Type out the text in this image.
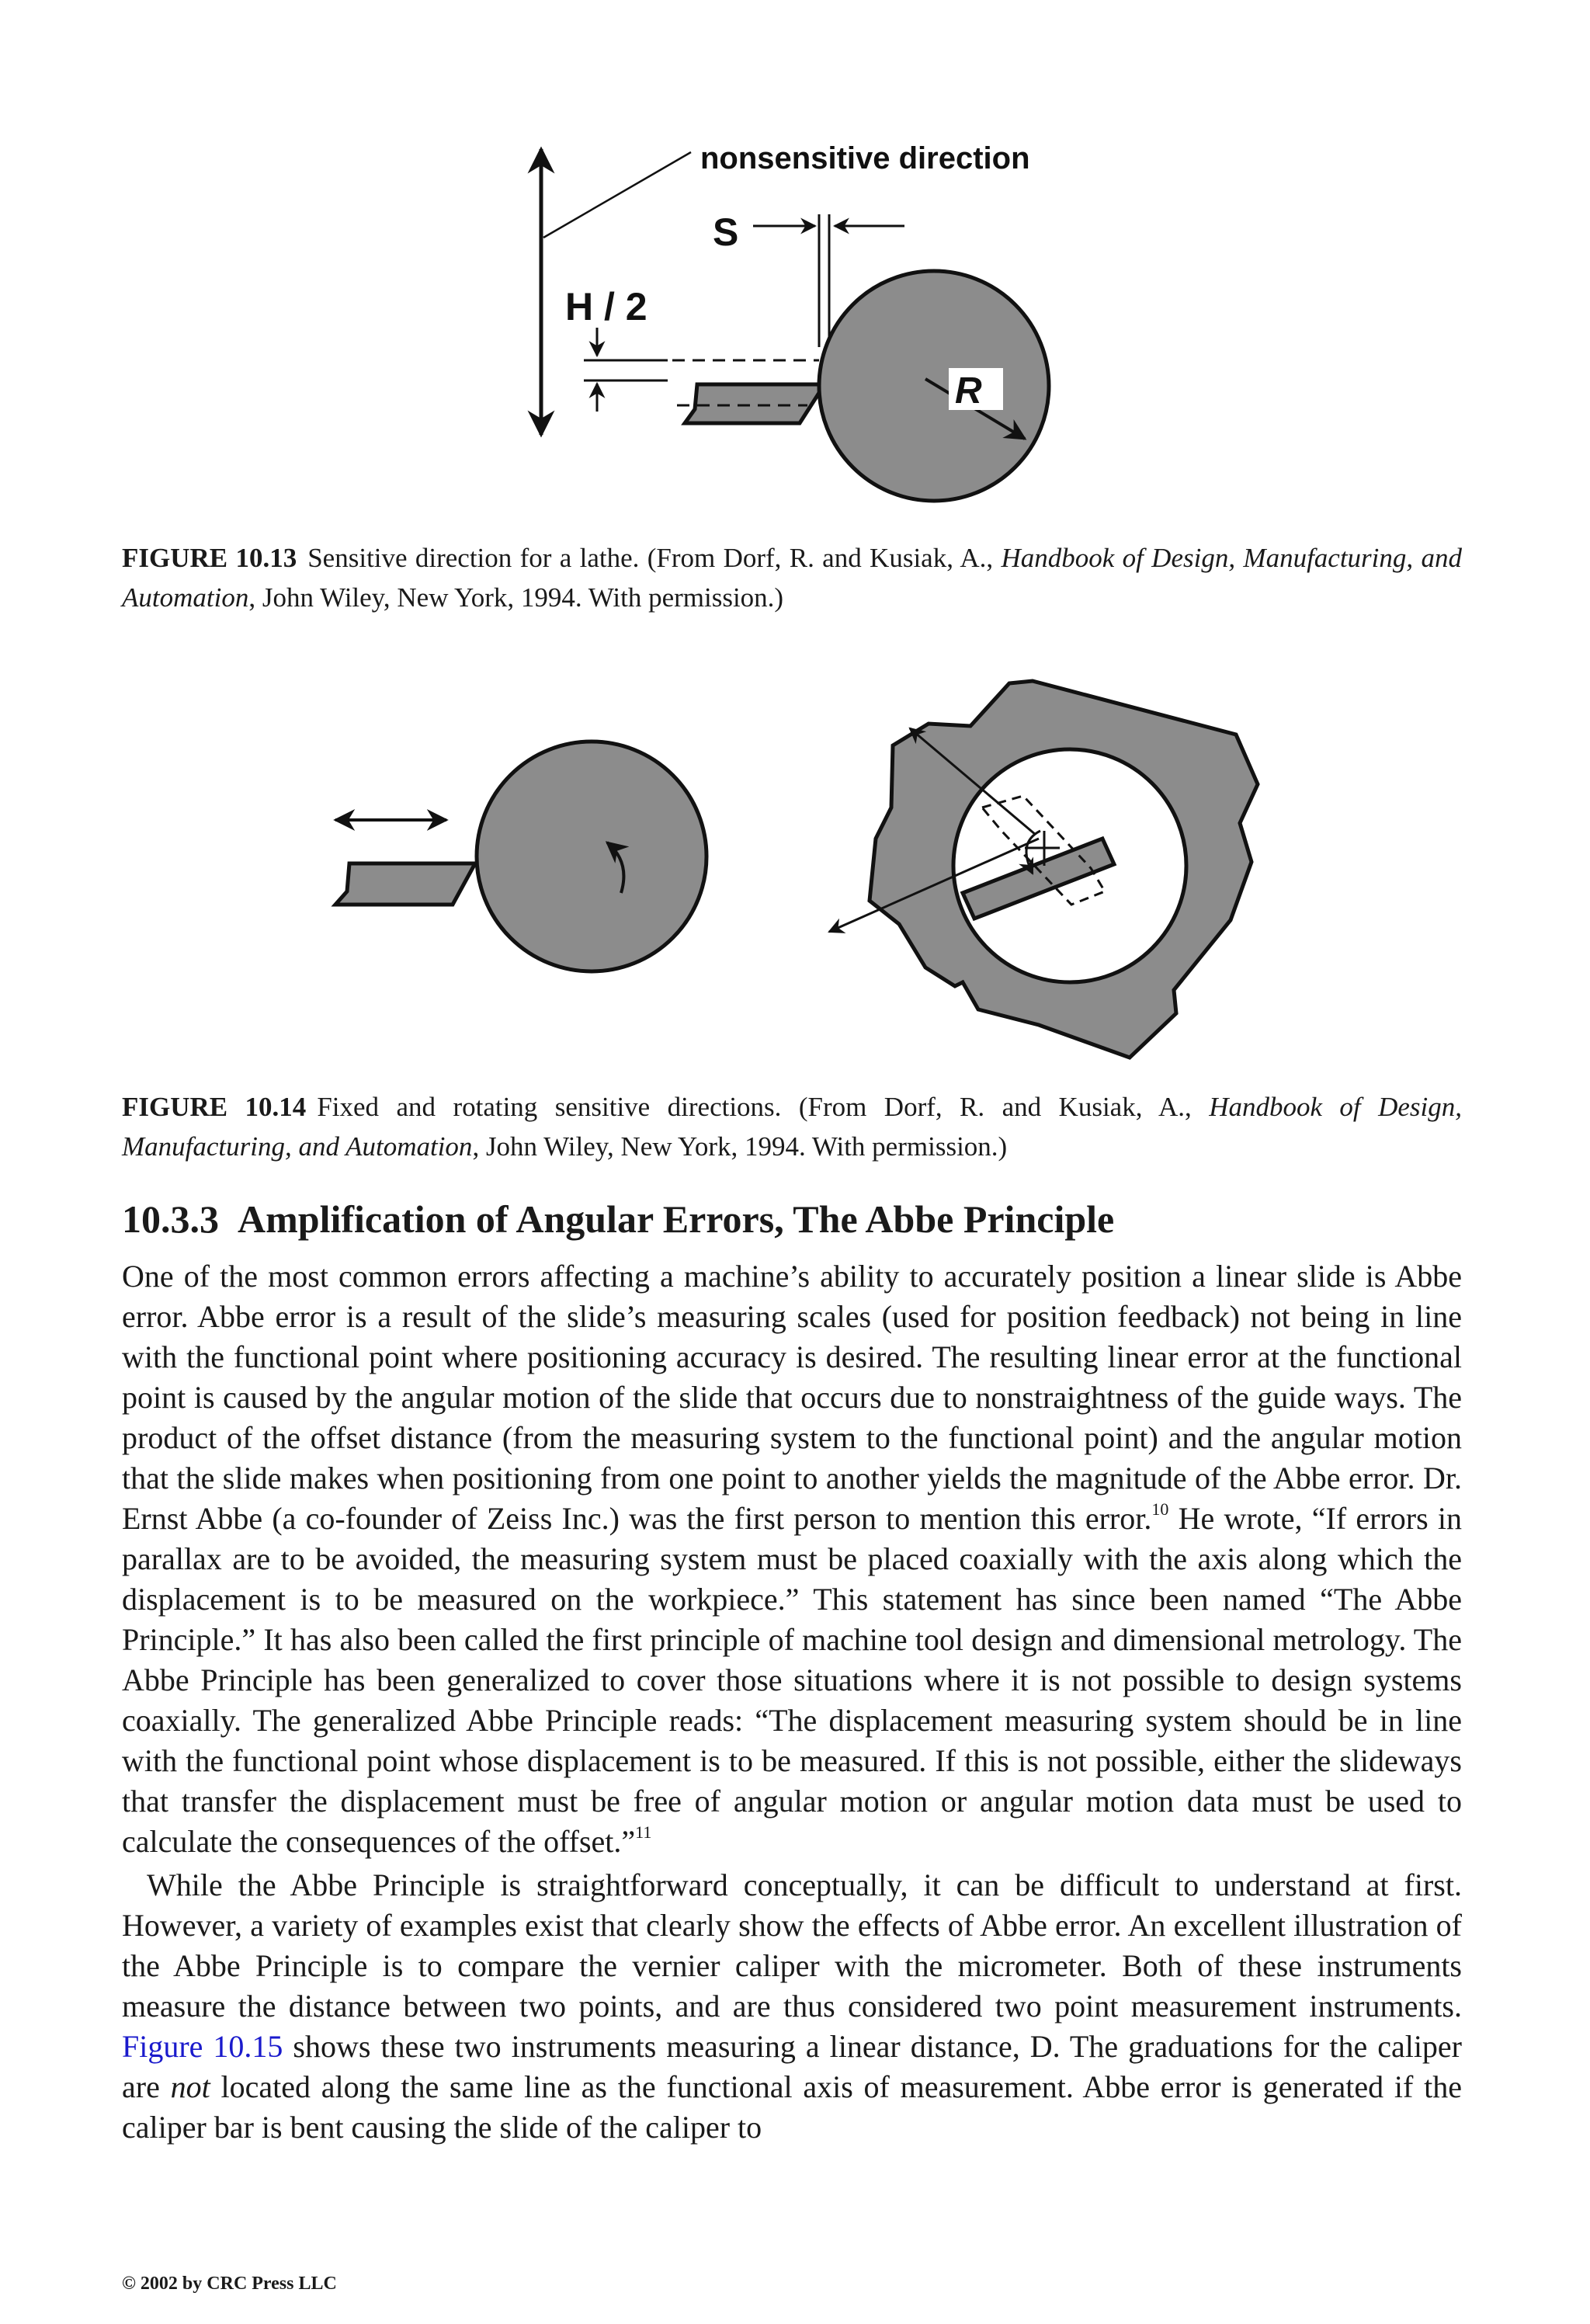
nonsensitive direction
S
H / 2
R
FIGURE 10.13 Sensitive direction for a lathe. (From Dorf, R. and Kusiak, A., Handbook of Design, Manufacturing, and Automation, John Wiley, New York, 1994. With permission.)
FIGURE 10.14 Fixed and rotating sensitive directions. (From Dorf, R. and Kusiak, A., Handbook of Design, Manufacturing, and Automation, John Wiley, New York, 1994. With permission.)
10.3.3 Amplification of Angular Errors, The Abbe Principle

One of the most common errors affecting a machine’s ability to accurately position a linear slide is Abbe error. Abbe error is a result of the slide’s measuring scales (used for position feedback) not being in line with the functional point where positioning accuracy is desired. The resulting linear error at the functional point is caused by the angular motion of the slide that occurs due to nonstraightness of the guide ways. The product of the offset distance (from the measuring system to the functional point) and the angular motion that the slide makes when positioning from one point to another yields the magnitude of the Abbe error. Dr. Ernst Abbe (a co-founder of Zeiss Inc.) was the first person to mention this error.$^{10}$ He wrote, “If errors in parallax are to be avoided, the measuring system must be placed coaxially with the axis along which the displacement is to be measured on the workpiece.” This statement has since been named “The Abbe Principle.” It has also been called the first principle of machine tool design and dimensional metrology. The Abbe Principle has been generalized to cover those situations where it is not possible to design systems coaxially. The generalized Abbe Principle reads: “The displacement measuring system should be in line with the functional point whose displacement is to be measured. If this is not possible, either the slideways that transfer the displacement must be free of angular motion or angular motion data must be used to calculate the consequences of the offset.”$^{11}$

While the Abbe Principle is straightforward conceptually, it can be difficult to understand at first. However, a variety of examples exist that clearly show the effects of Abbe error. An excellent illustration of the Abbe Principle is to compare the vernier caliper with the micrometer. Both of these instruments measure the distance between two points, and are thus considered two point measurement instruments. Figure 10.15 shows these two instruments measuring a linear distance, D. The graduations for the caliper are not located along the same line as the functional axis of measurement. Abbe error is generated if the caliper bar is bent causing the slide of the caliper to

© 2002 by CRC Press LLC
